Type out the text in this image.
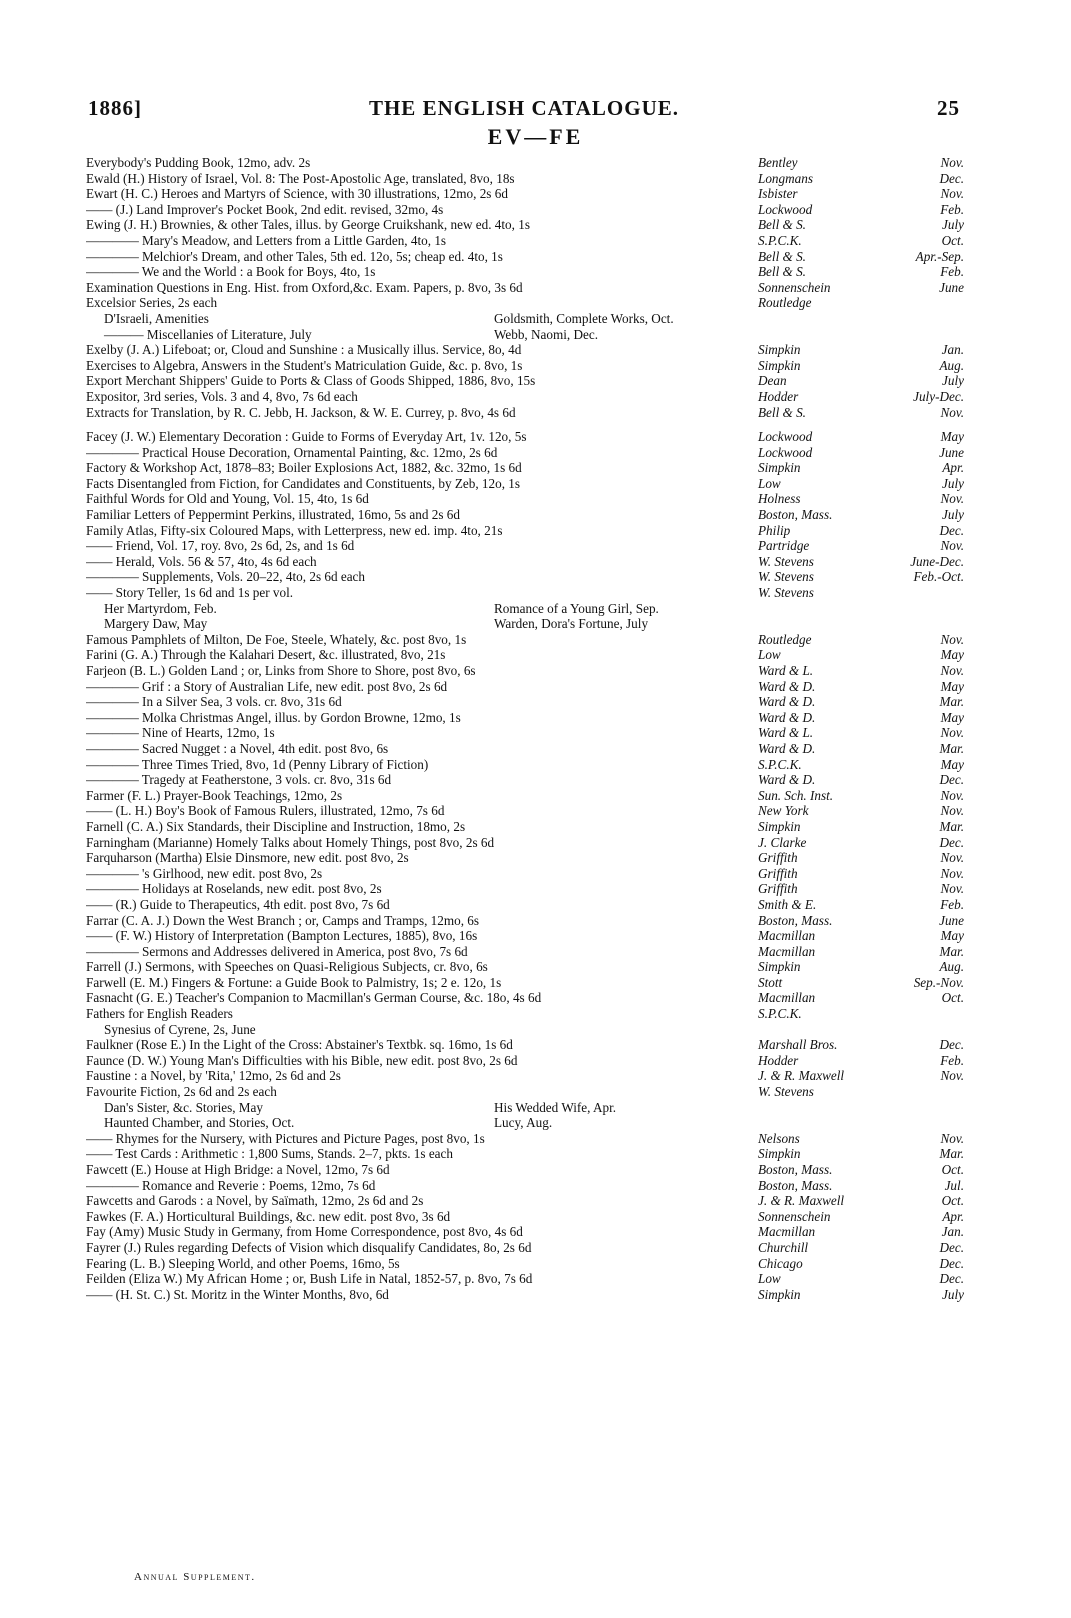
1886]	THE ENGLISH CATALOGUE.	25
EV—FE
Everybody's Pudding Book, 12mo, adv. 2s	Bentley	Nov.
Ewald (H.) History of Israel, Vol. 8: The Post-Apostolic Age, translated, 8vo, 18s	Longmans	Dec.
Ewart (H. C.) Heroes and Martyrs of Science, with 30 illustrations, 12mo, 2s 6d	Isbister	Nov.
—— (J.) Land Improver's Pocket Book, 2nd edit. revised, 32mo, 4s	Lockwood	Feb.
Ewing (J. H.) Brownies, & other Tales, illus. by George Cruikshank, new ed. 4to, 1s	Bell & S.	July
———— Mary's Meadow, and Letters from a Little Garden, 4to, 1s	S.P.C.K.	Oct.
———— Melchior's Dream, and other Tales, 5th ed. 12o, 5s; cheap ed. 4to, 1s	Bell & S.	Apr.-Sep.
———— We and the World : a Book for Boys, 4to, 1s	Bell & S.	Feb.
Examination Questions in Eng. Hist. from Oxford,&c. Exam. Papers, p. 8vo, 3s 6d	Sonnenschein	June
Excelsior Series, 2s each	Routledge
D'Israeli, Amenities	Goldsmith, Complete Works, Oct.
——— Miscellanies of Literature, July	Webb, Naomi, Dec.
Exelby (J. A.) Lifeboat; or, Cloud and Sunshine : a Musically illus. Service, 8o, 4d	Simpkin	Jan.
Exercises to Algebra, Answers in the Student's Matriculation Guide, &c. p. 8vo, 1s	Simpkin	Aug.
Export Merchant Shippers' Guide to Ports & Class of Goods Shipped, 1886, 8vo, 15s	Dean	July
Expositor, 3rd series, Vols. 3 and 4, 8vo, 7s 6d each	Hodder	July-Dec.
Extracts for Translation, by R. C. Jebb, H. Jackson, & W. E. Currey, p. 8vo, 4s 6d	Bell & S.	Nov.
Facey (J. W.) Elementary Decoration : Guide to Forms of Everyday Art, 1v. 12o, 5s	Lockwood	May
———— Practical House Decoration, Ornamental Painting, &c. 12mo, 2s 6d	Lockwood	June
Factory & Workshop Act, 1878–83; Boiler Explosions Act, 1882, &c. 32mo, 1s 6d	Simpkin	Apr.
Facts Disentangled from Fiction, for Candidates and Constituents, by Zeb, 12o, 1s	Low	July
Faithful Words for Old and Young, Vol. 15, 4to, 1s 6d	Holness	Nov.
Familiar Letters of Peppermint Perkins, illustrated, 16mo, 5s and 2s 6d	Boston, Mass.	July
Family Atlas, Fifty-six Coloured Maps, with Letterpress, new ed. imp. 4to, 21s	Philip	Dec.
—— Friend, Vol. 17, roy. 8vo, 2s 6d, 2s, and 1s 6d	Partridge	Nov.
—— Herald, Vols. 56 & 57, 4to, 4s 6d each	W. Stevens	June-Dec.
———— Supplements, Vols. 20–22, 4to, 2s 6d each	W. Stevens	Feb.-Oct.
—— Story Teller, 1s 6d and 1s per vol.	W. Stevens
Her Martyrdom, Feb.	Romance of a Young Girl, Sep.
Margery Daw, May	Warden, Dora's Fortune, July
Famous Pamphlets of Milton, De Foe, Steele, Whately, &c. post 8vo, 1s	Routledge	Nov.
Farini (G. A.) Through the Kalahari Desert, &c. illustrated, 8vo, 21s	Low	May
Farjeon (B. L.) Golden Land ; or, Links from Shore to Shore, post 8vo, 6s	Ward & L.	Nov.
———— Grif : a Story of Australian Life, new edit. post 8vo, 2s 6d	Ward & D.	May
———— In a Silver Sea, 3 vols. cr. 8vo, 31s 6d	Ward & D.	Mar.
———— Molka Christmas Angel, illus. by Gordon Browne, 12mo, 1s	Ward & D.	May
———— Nine of Hearts, 12mo, 1s	Ward & L.	Nov.
———— Sacred Nugget : a Novel, 4th edit. post 8vo, 6s	Ward & D.	Mar.
———— Three Times Tried, 8vo, 1d (Penny Library of Fiction)	S.P.C.K.	May
———— Tragedy at Featherstone, 3 vols. cr. 8vo, 31s 6d	Ward & D.	Dec.
Farmer (F. L.) Prayer-Book Teachings, 12mo, 2s	Sun. Sch. Inst.	Nov.
—— (L. H.) Boy's Book of Famous Rulers, illustrated, 12mo, 7s 6d	New York	Nov.
Farnell (C. A.) Six Standards, their Discipline and Instruction, 18mo, 2s	Simpkin	Mar.
Farningham (Marianne) Homely Talks about Homely Things, post 8vo, 2s 6d	J. Clarke	Dec.
Farquharson (Martha) Elsie Dinsmore, new edit. post 8vo, 2s	Griffith	Nov.
———— 's Girlhood, new edit. post 8vo, 2s	Griffith	Nov.
———— Holidays at Roselands, new edit. post 8vo, 2s	Griffith	Nov.
—— (R.) Guide to Therapeutics, 4th edit. post 8vo, 7s 6d	Smith & E.	Feb.
Farrar (C. A. J.) Down the West Branch ; or, Camps and Tramps, 12mo, 6s	Boston, Mass.	June
—— (F. W.) History of Interpretation (Bampton Lectures, 1885), 8vo, 16s	Macmillan	May
———— Sermons and Addresses delivered in America, post 8vo, 7s 6d	Macmillan	Mar.
Farrell (J.) Sermons, with Speeches on Quasi-Religious Subjects, cr. 8vo, 6s	Simpkin	Aug.
Farwell (E. M.) Fingers & Fortune: a Guide Book to Palmistry, 1s; 2 e. 12o, 1s	Stott	Sep.-Nov.
Fasnacht (G. E.) Teacher's Companion to Macmillan's German Course, &c. 18o, 4s 6d	Macmillan	Oct.
Fathers for English Readers	S.P.C.K.
Synesius of Cyrene, 2s, June
Faulkner (Rose E.) In the Light of the Cross: Abstainer's Textbk. sq. 16mo, 1s 6d	Marshall Bros.	Dec.
Faunce (D. W.) Young Man's Difficulties with his Bible, new edit. post 8vo, 2s 6d	Hodder	Feb.
Faustine : a Novel, by 'Rita,' 12mo, 2s 6d and 2s	J. & R. Maxwell	Nov.
Favourite Fiction, 2s 6d and 2s each	W. Stevens
Dan's Sister, &c. Stories, May	His Wedded Wife, Apr.
Haunted Chamber, and Stories, Oct.	Lucy, Aug.
—— Rhymes for the Nursery, with Pictures and Picture Pages, post 8vo, 1s	Nelsons	Nov.
—— Test Cards : Arithmetic : 1,800 Sums, Stands. 2–7, pkts. 1s each	Simpkin	Mar.
Fawcett (E.) House at High Bridge: a Novel, 12mo, 7s 6d	Boston, Mass.	Oct.
———— Romance and Reverie : Poems, 12mo, 7s 6d	Boston, Mass.	Jul.
Fawcetts and Garods : a Novel, by Saïmath, 12mo, 2s 6d and 2s	J. & R. Maxwell	Oct.
Fawkes (F. A.) Horticultural Buildings, &c. new edit. post 8vo, 3s 6d	Sonnenschein	Apr.
Fay (Amy) Music Study in Germany, from Home Correspondence, post 8vo, 4s 6d	Macmillan	Jan.
Fayrer (J.) Rules regarding Defects of Vision which disqualify Candidates, 8o, 2s 6d	Churchill	Dec.
Fearing (L. B.) Sleeping World, and other Poems, 16mo, 5s	Chicago	Dec.
Feilden (Eliza W.) My African Home ; or, Bush Life in Natal, 1852-57, p. 8vo, 7s 6d	Low	Dec.
—— (H. St. C.) St. Moritz in the Winter Months, 8vo, 6d	Simpkin	July
Annual Supplement.
